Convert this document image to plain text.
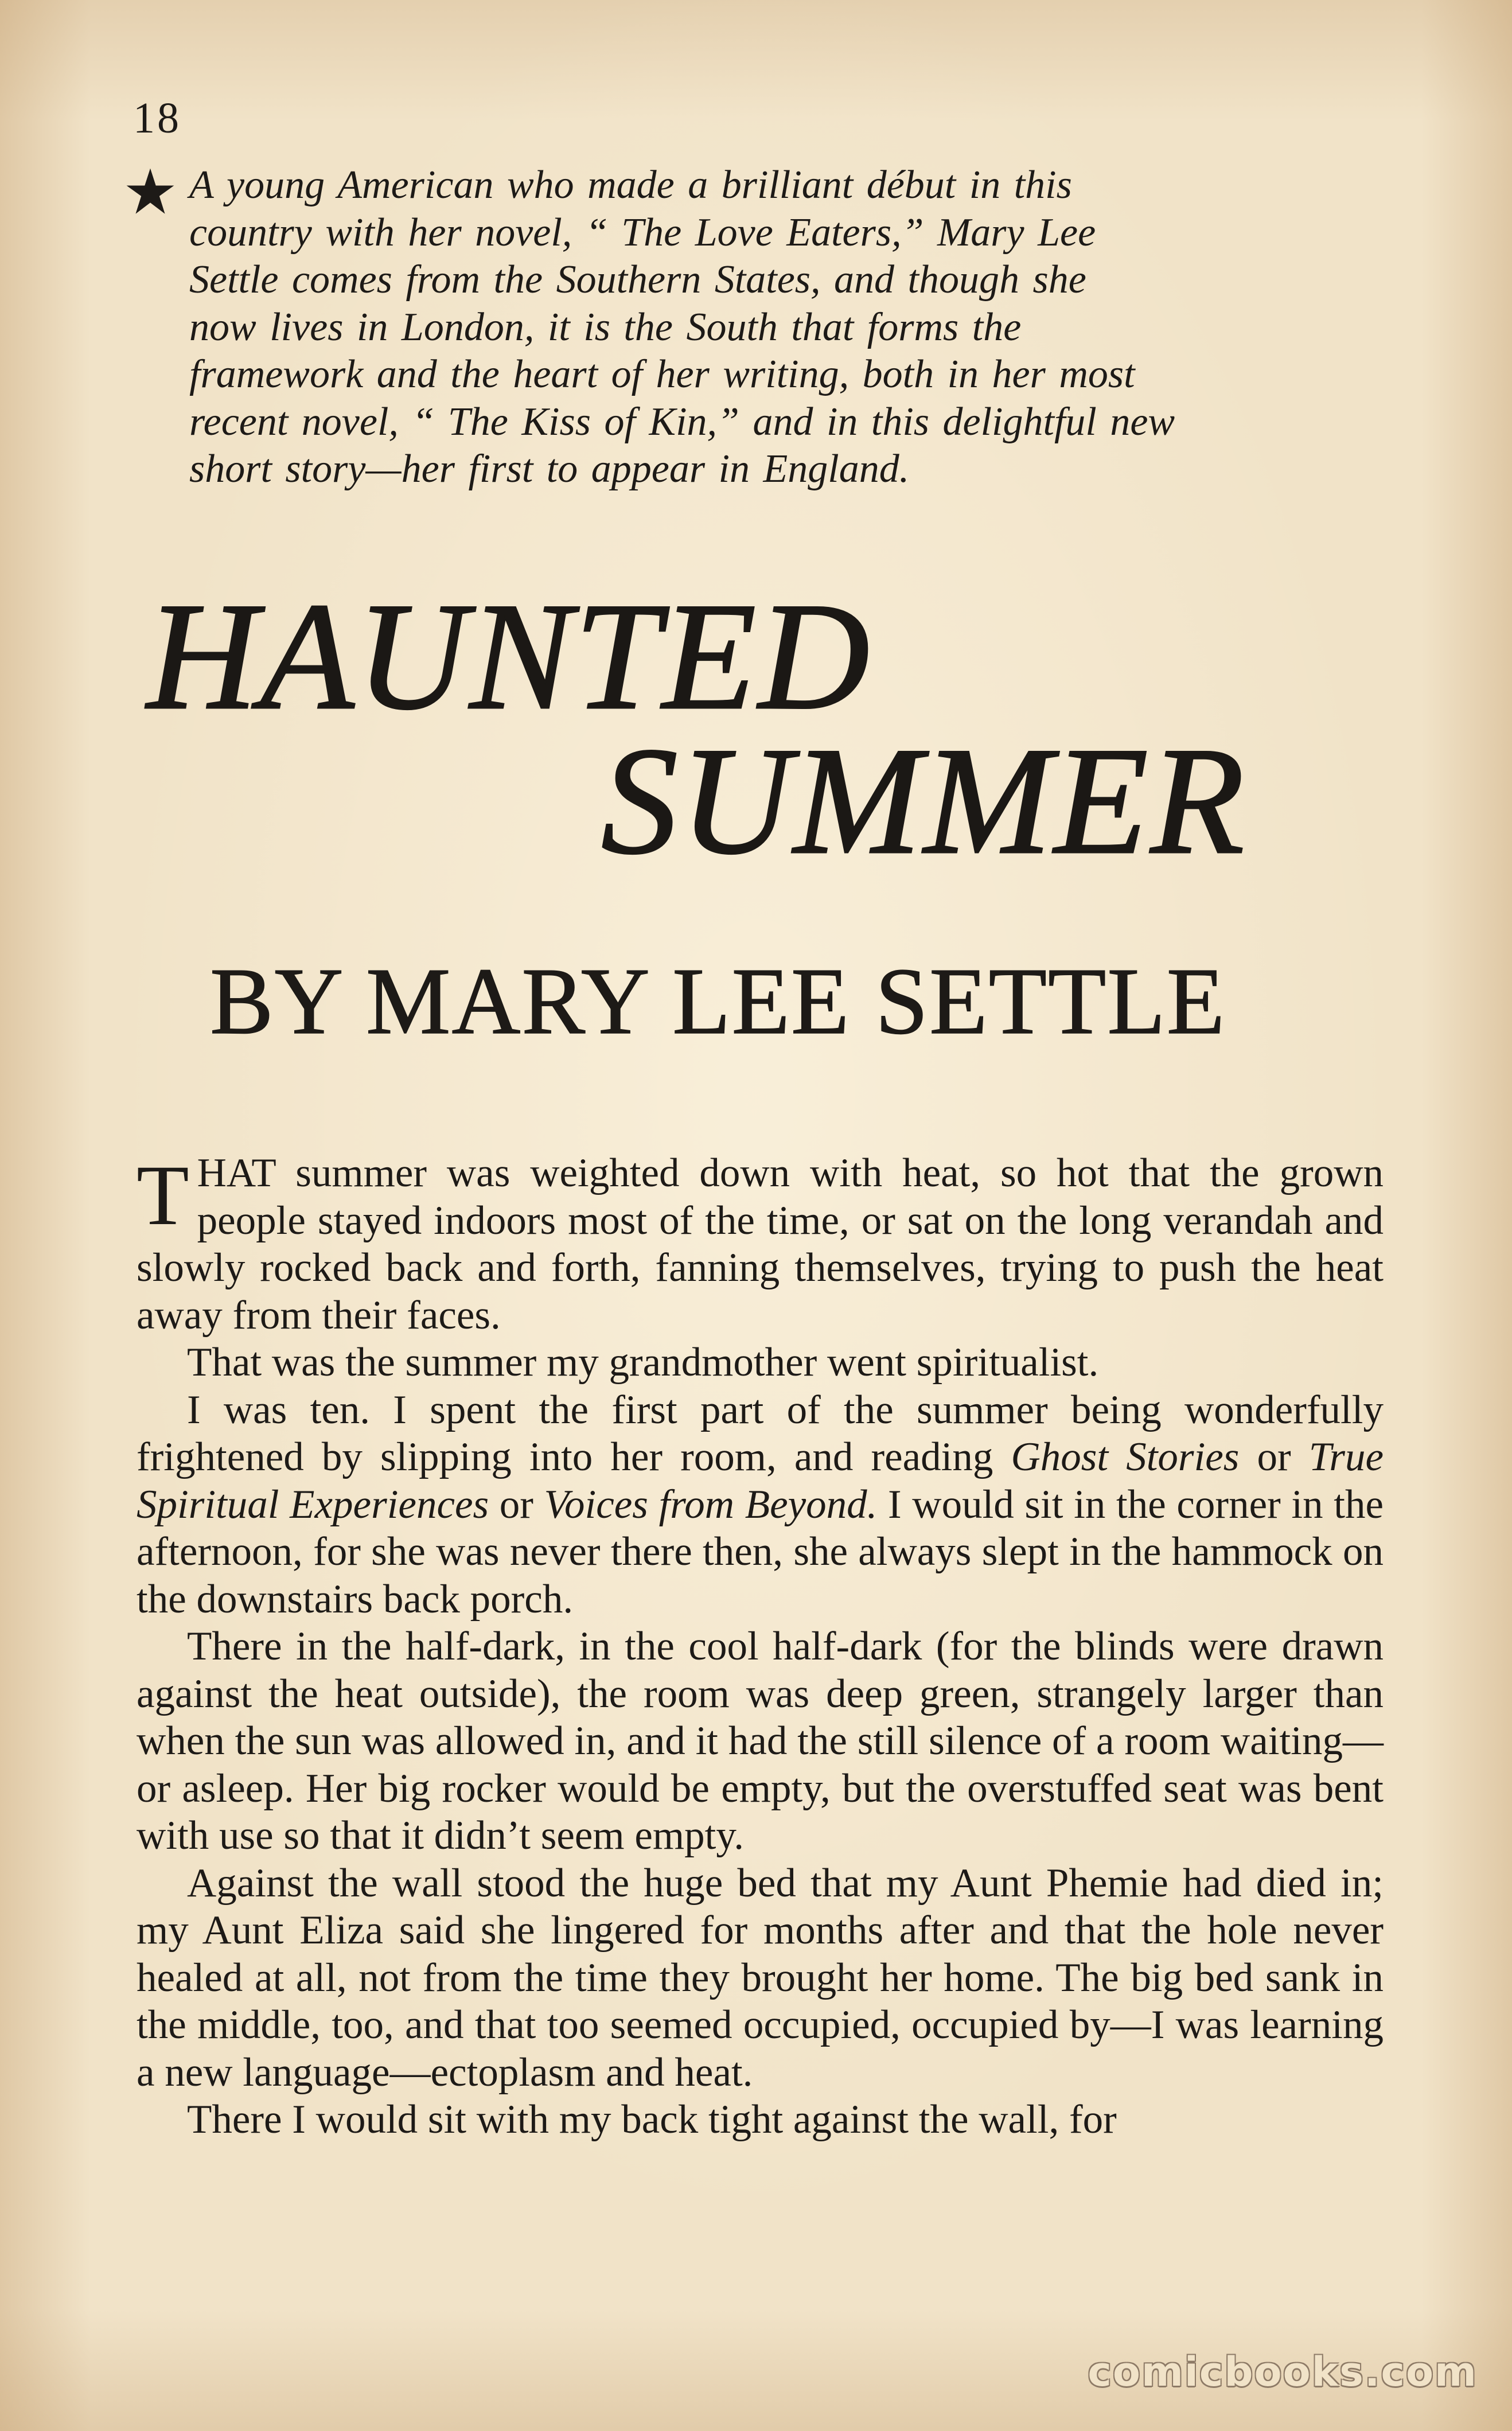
18
A young American who made a brilliant début in this
country with her novel, “ The Love Eaters,” Mary Lee
Settle comes from the Southern States, and though she
now lives in London, it is the South that forms the
framework and the heart of her writing, both in her most
recent novel, “ The Kiss of Kin,” and in this delightful new
short story—her first to appear in England.
HAUNTED
SUMMER
BY MARY LEE SETTLE

THAT summer was weighted down with heat, so hot that the grown people stayed indoors most of the time, or sat on the long verandah and slowly rocked back and forth, fanning themselves, trying to push the heat away from their faces.

That was the summer my grandmother went spiritualist.

I was ten. I spent the first part of the summer being wonderfully frightened by slipping into her room, and reading Ghost Stories or True Spiritual Experiences or Voices from Beyond. I would sit in the corner in the afternoon, for she was never there then, she always slept in the hammock on the downstairs back porch.

There in the half-dark, in the cool half-dark (for the blinds were drawn against the heat outside), the room was deep green, strangely larger than when the sun was allowed in, and it had the still silence of a room waiting—or asleep. Her big rocker would be empty, but the overstuffed seat was bent with use so that it didn’t seem empty.

Against the wall stood the huge bed that my Aunt Phemie had died in; my Aunt Eliza said she lingered for months after and that the hole never healed at all, not from the time they brought her home. The big bed sank in the middle, too, and that too seemed occupied, occupied by—I was learning a new language—ectoplasm and heat.

There I would sit with my back tight against the wall, for

comicbooks.com
